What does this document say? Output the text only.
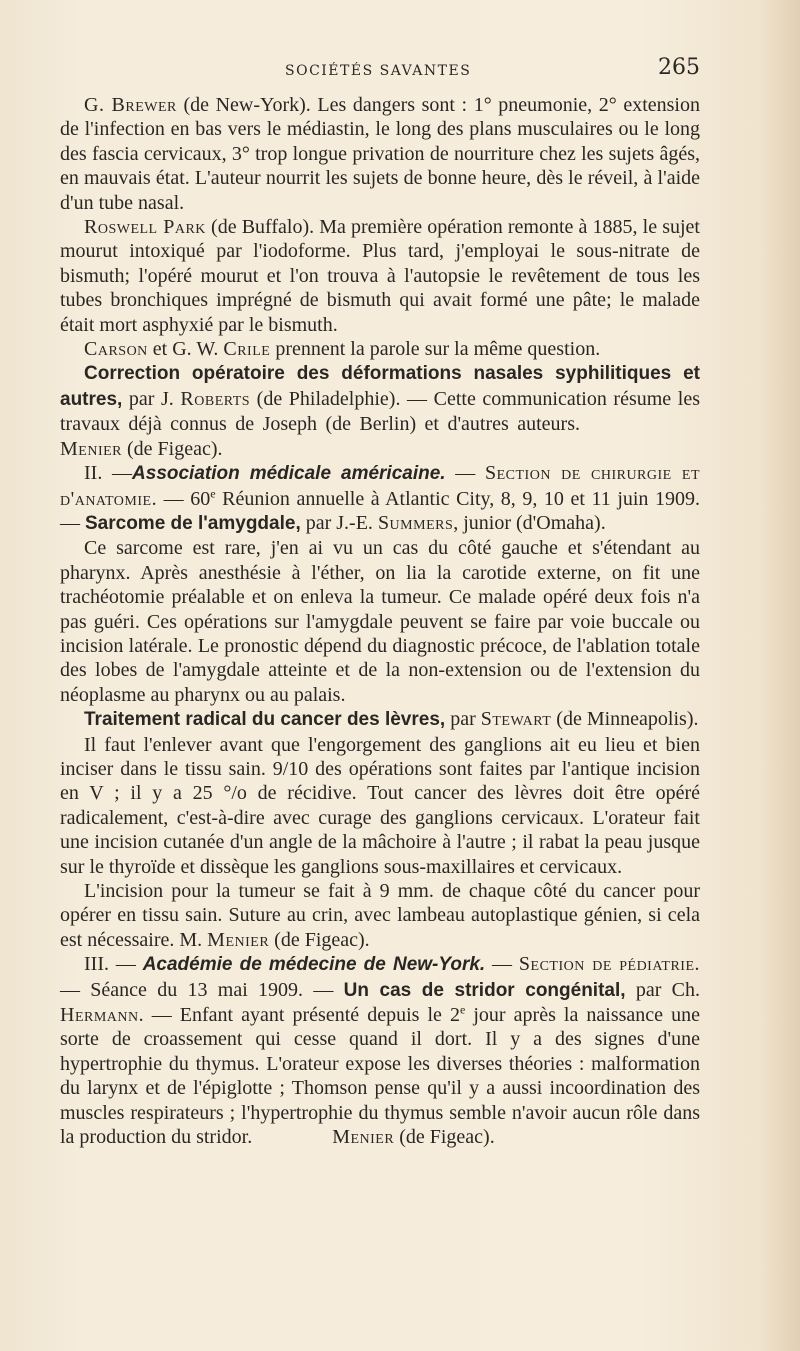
SOCIÉTÉS SAVANTES	265

G. Brewer (de New-York). Les dangers sont : 1° pneumonie, 2° extension de l'infection en bas vers le médiastin, le long des plans musculaires ou le long des fascia cervicaux, 3° trop longue privation de nourriture chez les sujets âgés, en mauvais état. L'auteur nourrit les sujets de bonne heure, dès le réveil, à l'aide d'un tube nasal.

Roswell Park (de Buffalo). Ma première opération remonte à 1885, le sujet mourut intoxiqué par l'iodoforme. Plus tard, j'employai le sous-nitrate de bismuth; l'opéré mourut et l'on trouva à l'autopsie le revêtement de tous les tubes bronchiques imprégné de bismuth qui avait formé une pâte; le malade était mort asphyxié par le bismuth.

Carson et G. W. Crile prennent la parole sur la même question.

Correction opératoire des déformations nasales syphilitiques et autres, par J. Roberts (de Philadelphie). — Cette communication résume les travaux déjà connus de Joseph (de Berlin) et d'autres auteurs.Menier (de Figeac).

II. —Association médicale américaine. — Section de chirurgie et d'anatomie. — 60e Réunion annuelle à Atlantic City, 8, 9, 10 et 11 juin 1909. — Sarcome de l'amygdale, par J.-E. Summers, junior (d'Omaha).

Ce sarcome est rare, j'en ai vu un cas du côté gauche et s'étendant au pharynx. Après anesthésie à l'éther, on lia la carotide externe, on fit une trachéotomie préalable et on enleva la tumeur. Ce malade opéré deux fois n'a pas guéri. Ces opérations sur l'amygdale peuvent se faire par voie buccale ou incision latérale. Le pronostic dépend du diagnostic précoce, de l'ablation totale des lobes de l'amygdale atteinte et de la non-extension ou de l'extension du néoplasme au pharynx ou au palais.

Traitement radical du cancer des lèvres, par Stewart (de Minneapolis).

Il faut l'enlever avant que l'engorgement des ganglions ait eu lieu et bien inciser dans le tissu sain. 9/10 des opérations sont faites par l'antique incision en V ; il y a 25 °/o de récidive. Tout cancer des lèvres doit être opéré radicalement, c'est-à-dire avec curage des ganglions cervicaux. L'orateur fait une incision cutanée d'un angle de la mâchoire à l'autre ; il rabat la peau jusque sur le thyroïde et dissèque les ganglions sous-maxillaires et cervicaux.

L'incision pour la tumeur se fait à 9 mm. de chaque côté du cancer pour opérer en tissu sain. Suture au crin, avec lambeau autoplastique génien, si cela est nécessaire. M. Menier (de Figeac).

III. — Académie de médecine de New-York. — Section de pédiatrie. — Séance du 13 mai 1909. — Un cas de stridor congénital, par Ch. Hermann. — Enfant ayant présenté depuis le 2e jour après la naissance une sorte de croassement qui cesse quand il dort. Il y a des signes d'une hypertrophie du thymus. L'orateur expose les diverses théories : malformation du larynx et de l'épiglotte ; Thomson pense qu'il y a aussi incoordination des muscles respirateurs ; l'hypertrophie du thymus semble n'avoir aucun rôle dans la production du stridor.	Menier (de Figeac).
